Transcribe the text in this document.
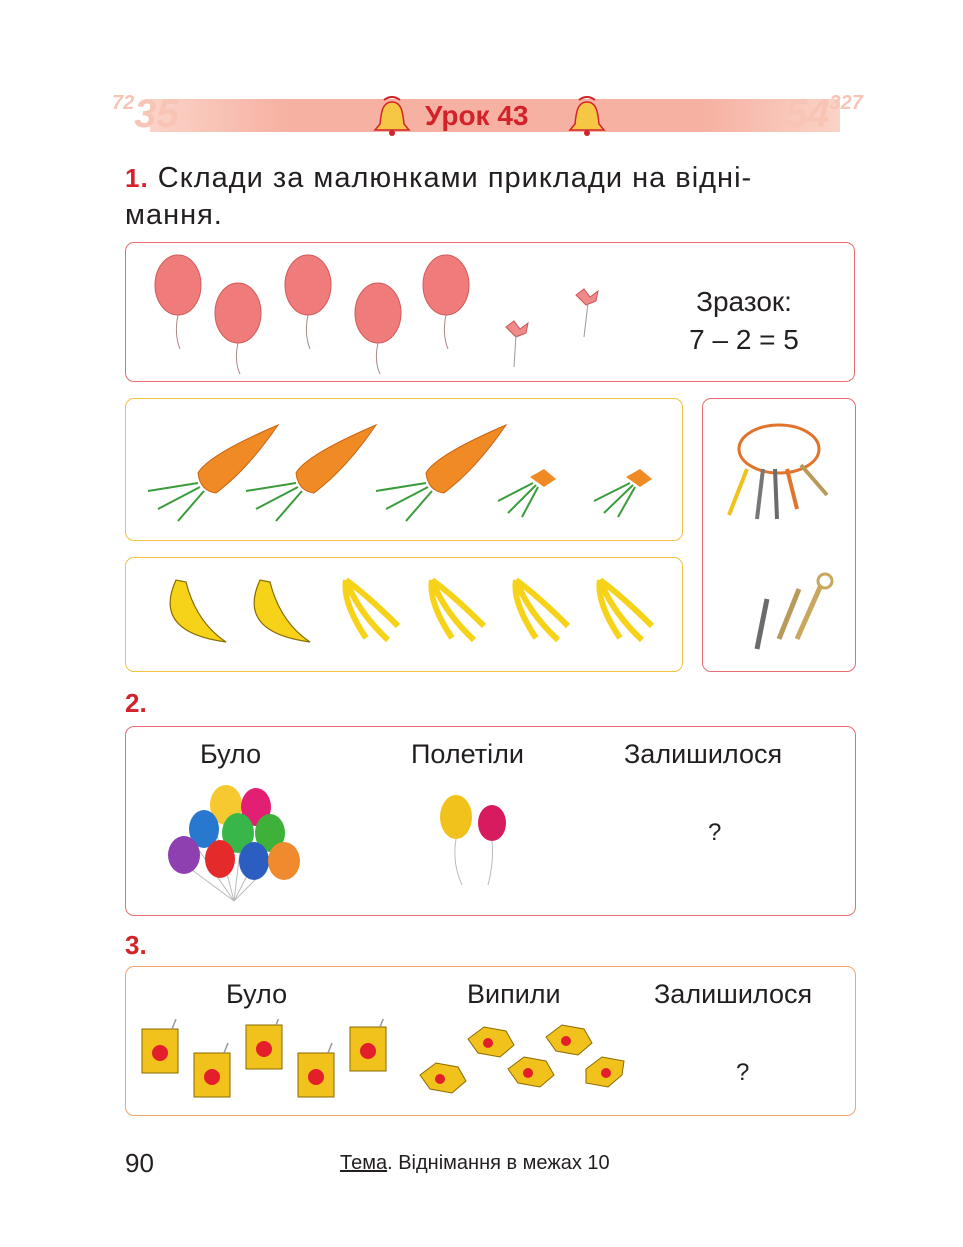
$^{72}$35	$54^{327}$
Урок 43
1. Склади за малюнками приклади на відні-
мання.
Зразок:
7 – 2 = 5
2.
Було	Полетіли	Залишилося
?
3.
Було	Випили	Залишилося
?
90	Тема. Віднімання в межах 10
